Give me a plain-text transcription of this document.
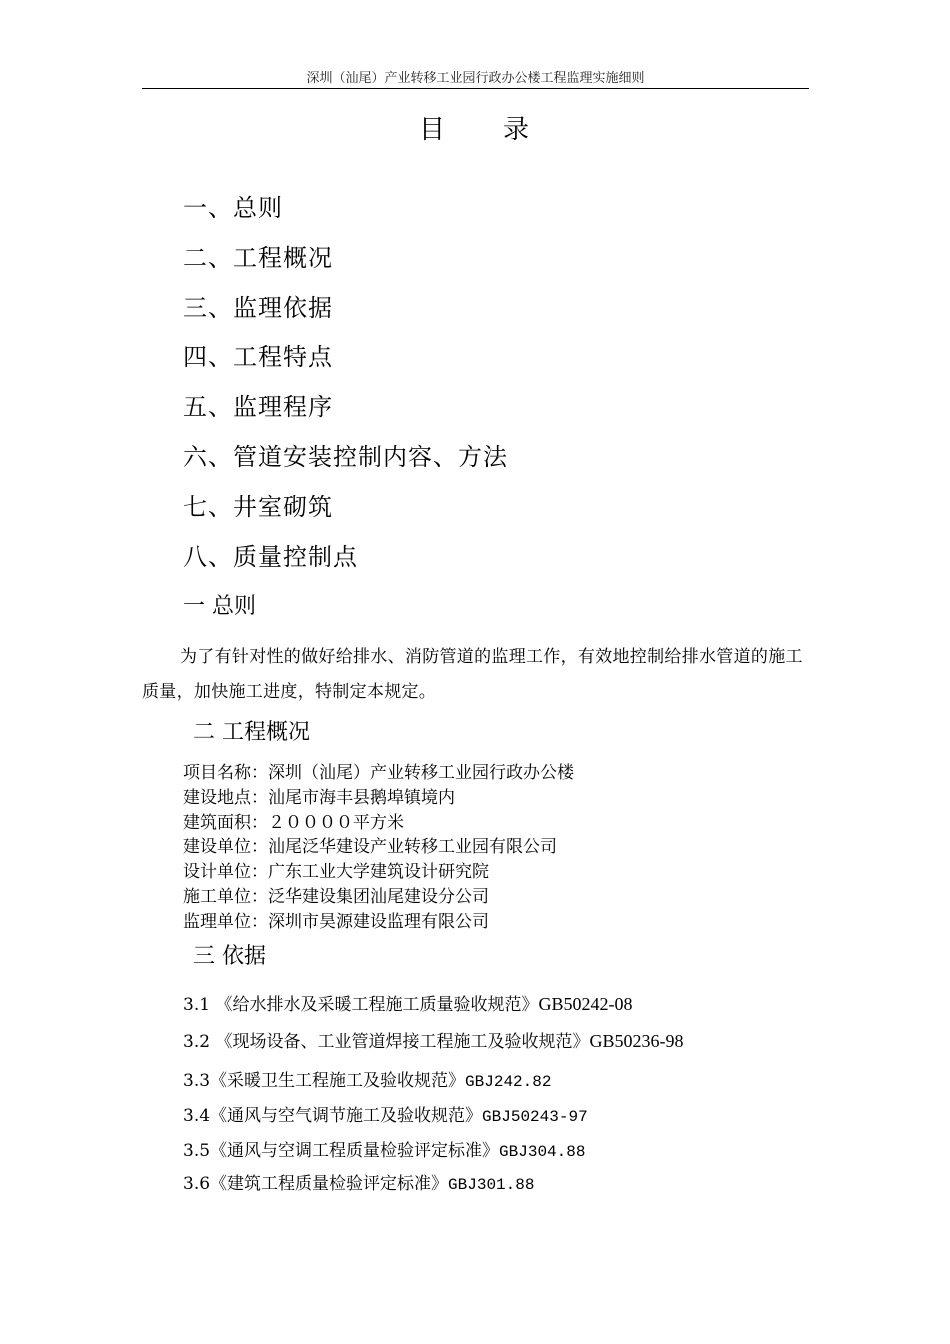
深圳（汕尾）产业转移工业园行政办公楼工程监理实施细则
目　　录
一、总则
二、工程概况
三、监理依据
四、工程特点
五、监理程序
六、管道安装控制内容、方法
七、井室砌筑
八、质量控制点
一 总则
为了有针对性的做好给排水、消防管道的监理工作，有效地控制给排水管道的施工质量，加快施工进度，特制定本规定。
二 工程概况
项目名称：深圳（汕尾）产业转移工业园行政办公楼
建设地点：汕尾市海丰县鹅埠镇境内
建筑面积：２００００平方米
建设单位：汕尾泛华建设产业转移工业园有限公司
设计单位：广东工业大学建筑设计研究院
施工单位：泛华建设集团汕尾建设分公司
监理单位：深圳市昊源建设监理有限公司
三 依据
3.1 《给水排水及采暖工程施工质量验收规范》GB50242-08
3.2 《现场设备、工业管道焊接工程施工及验收规范》GB50236-98
3.3《采暖卫生工程施工及验收规范》GBJ242.82
3.4《通风与空气调节施工及验收规范》GBJ50243-97
3.5《通风与空调工程质量检验评定标准》GBJ304.88
3.6《建筑工程质量检验评定标准》GBJ301.88
